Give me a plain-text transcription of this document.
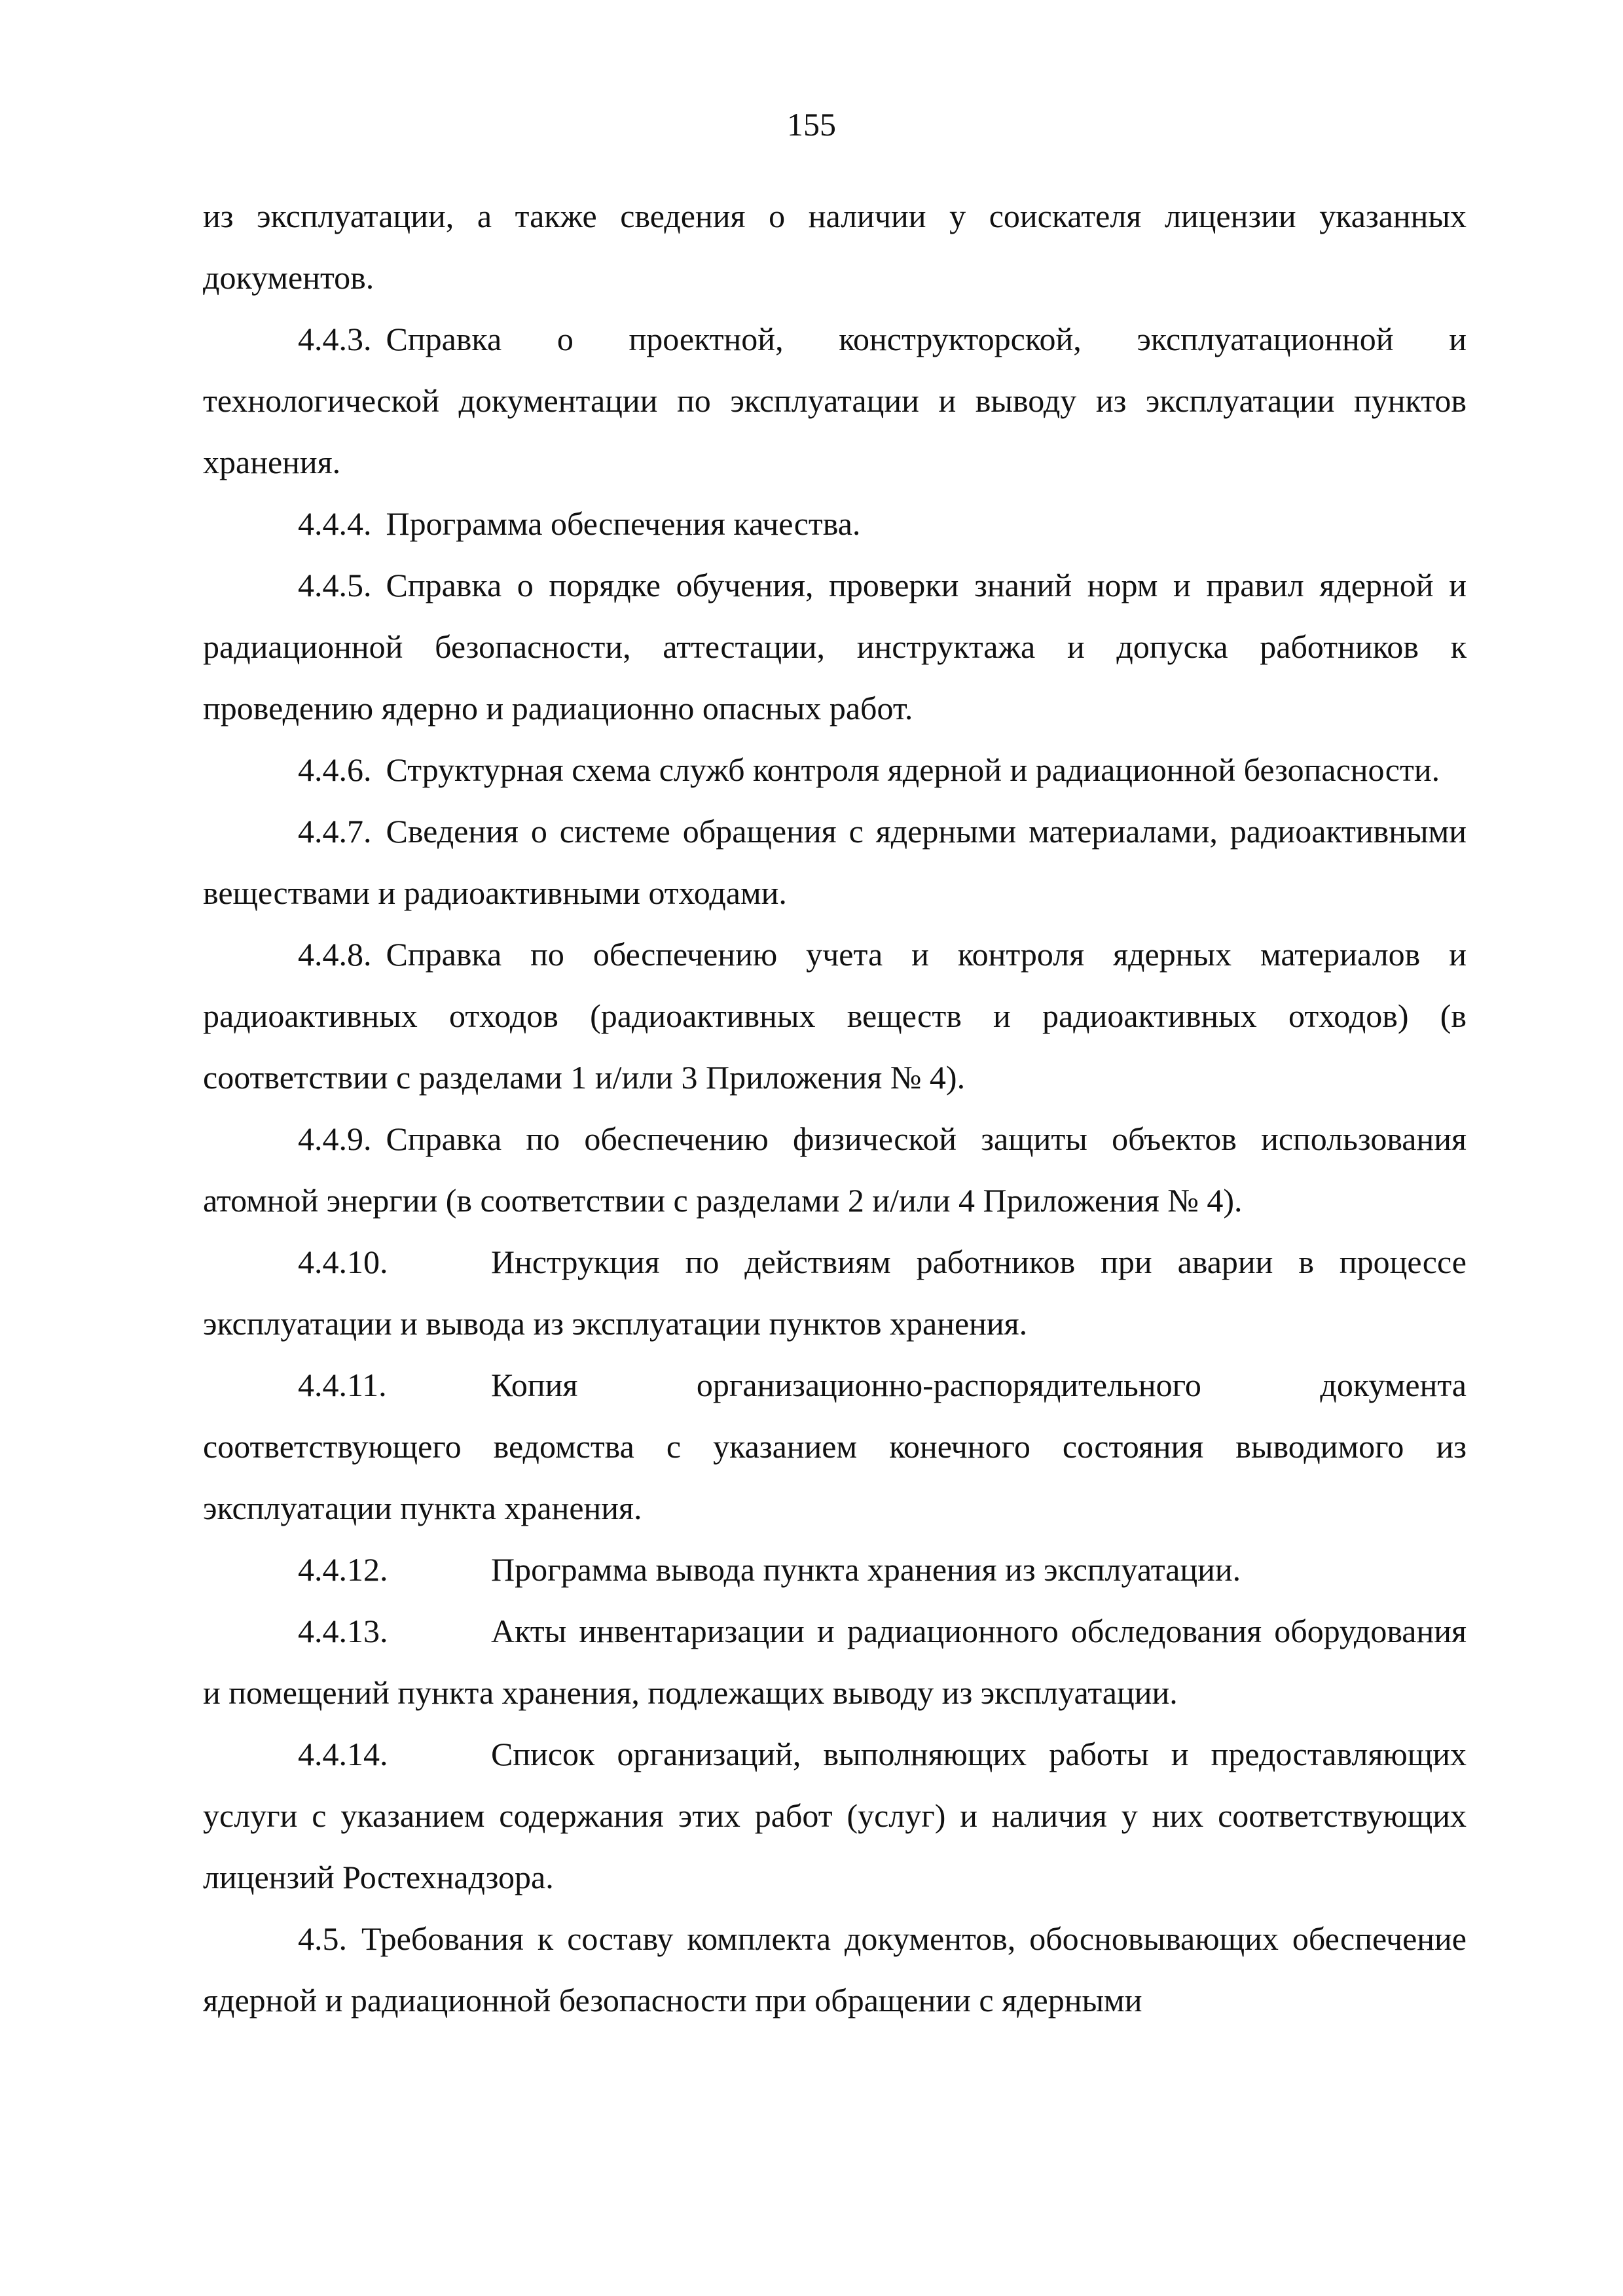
155

из эксплуатации, а также сведения о наличии у соискателя лицензии указанных документов.

4.4.3. Справка о проектной, конструкторской, эксплуатационной и технологической документации по эксплуатации и выводу из эксплуатации пунктов хранения.

4.4.4. Программа обеспечения качества.

4.4.5. Справка о порядке обучения, проверки знаний норм и правил ядерной и радиационной безопасности, аттестации, инструктажа и допуска работников к проведению ядерно и радиационно опасных работ.

4.4.6. Структурная схема служб контроля ядерной и радиационной безопасности.

4.4.7. Сведения о системе обращения с ядерными материалами, радиоактивными веществами и радиоактивными отходами.

4.4.8. Справка по обеспечению учета и контроля ядерных материалов и радиоактивных отходов (радиоактивных веществ и радиоактивных отходов) (в соответствии с разделами 1 и/или 3 Приложения № 4).

4.4.9. Справка по обеспечению физической защиты объектов использования атомной энергии (в соответствии с разделами 2 и/или 4 Приложения № 4).

4.4.10.	Инструкция по действиям работников при аварии в процессе эксплуатации и вывода из эксплуатации пунктов хранения.

4.4.11.	Копия организационно-распорядительного документа соответствующего ведомства с указанием конечного состояния выводимого из эксплуатации пункта хранения.

4.4.12.	Программа вывода пункта хранения из эксплуатации.

4.4.13.	Акты инвентаризации и радиационного обследования оборудования и помещений пункта хранения, подлежащих выводу из эксплуатации.

4.4.14.	Список организаций, выполняющих работы и предоставляющих услуги с указанием содержания этих работ (услуг) и наличия у них соответствующих лицензий Ростехнадзора.

4.5. Требования к составу комплекта документов, обосновывающих обеспечение ядерной и радиационной безопасности при обращении с ядерными
